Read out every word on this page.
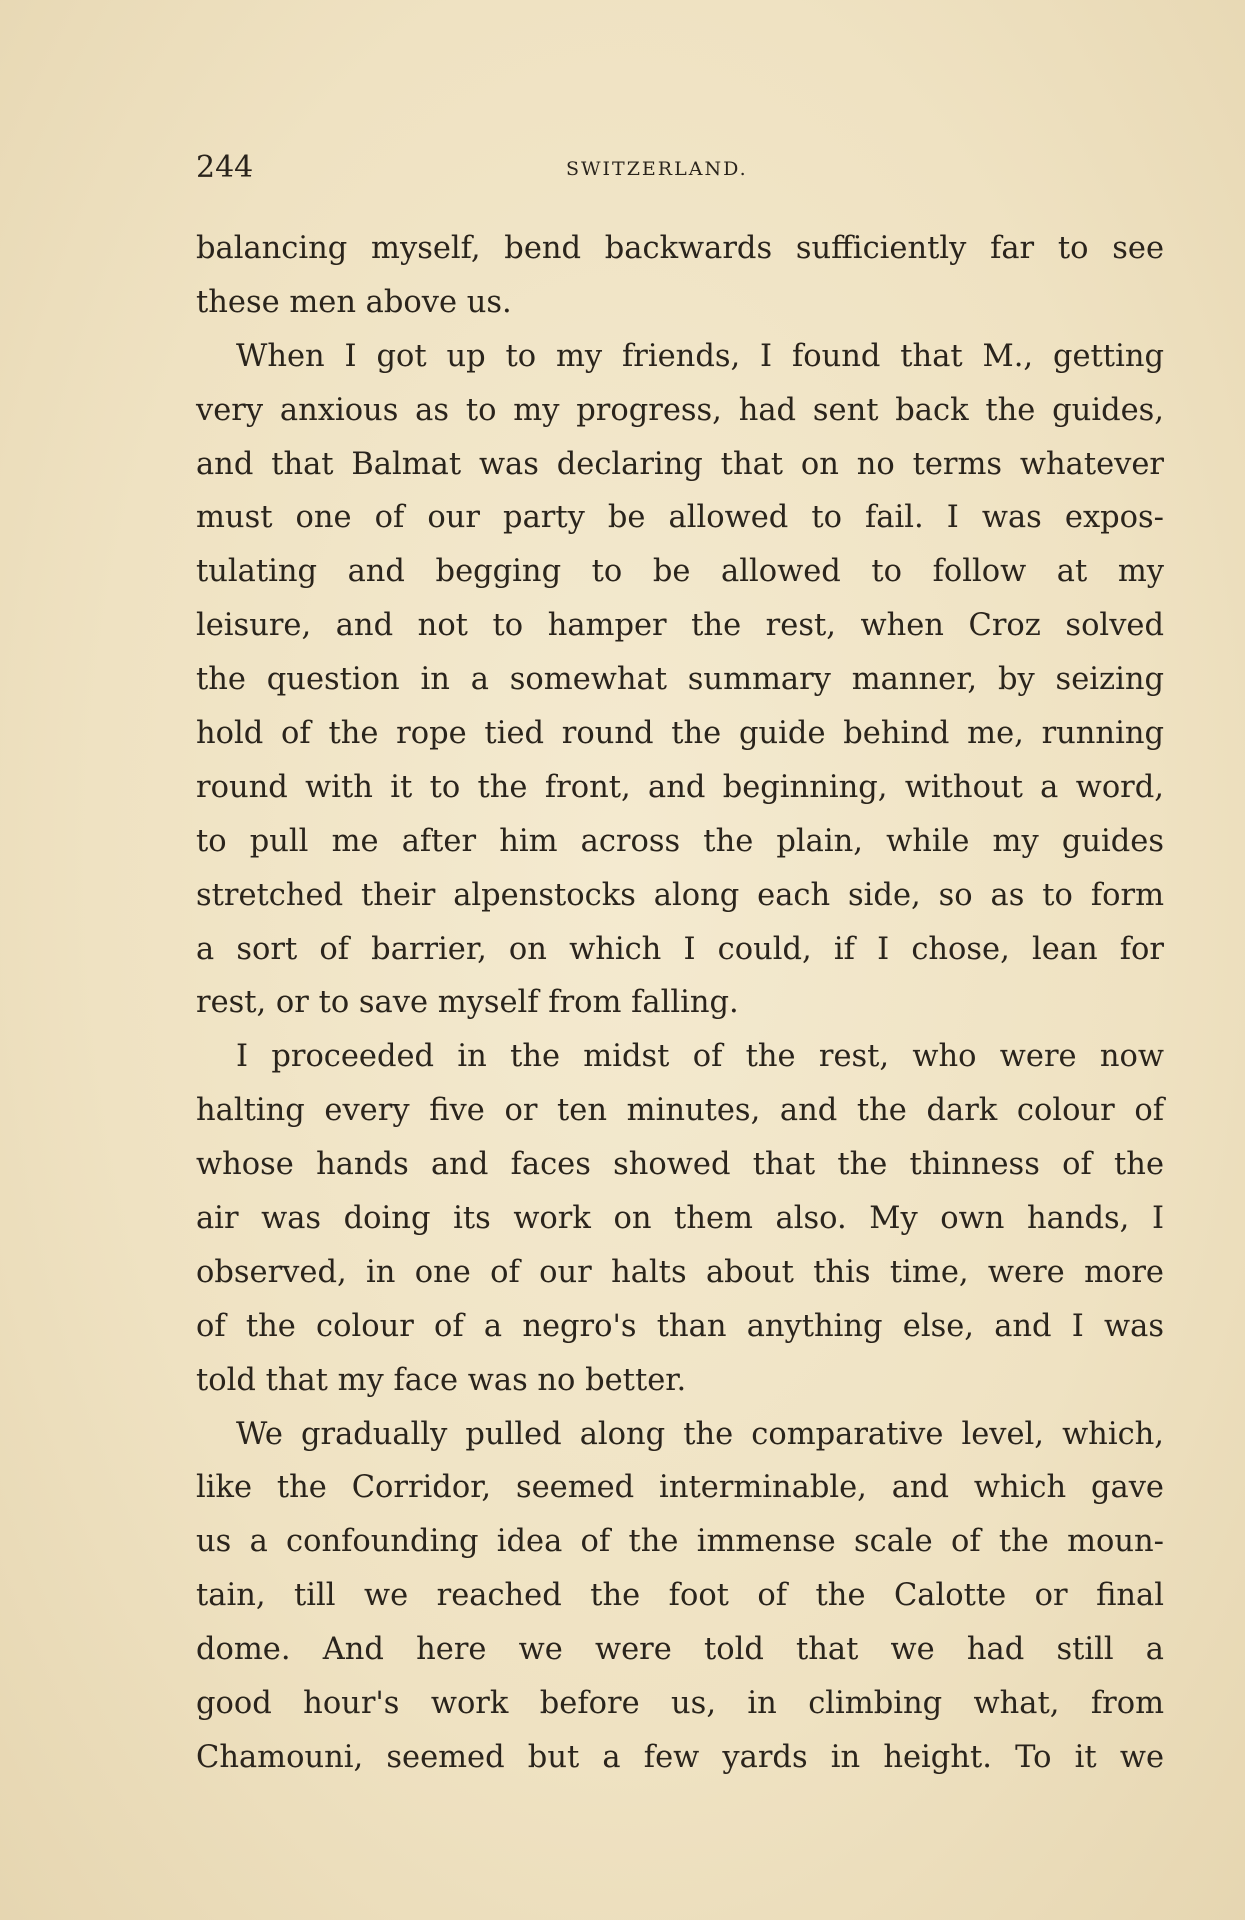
244	SWITZERLAND.
balancing myself, bend backwards sufficiently far to see
these men above us.
When I got up to my friends, I found that M., getting
very anxious as to my progress, had sent back the guides,
and that Balmat was declaring that on no terms whatever
must one of our party be allowed to fail. I was expos-
tulating and begging to be allowed to follow at my
leisure, and not to hamper the rest, when Croz solved
the question in a somewhat summary manner, by seizing
hold of the rope tied round the guide behind me, running
round with it to the front, and beginning, without a word,
to pull me after him across the plain, while my guides
stretched their alpenstocks along each side, so as to form
a sort of barrier, on which I could, if I chose, lean for
rest, or to save myself from falling.
I proceeded in the midst of the rest, who were now
halting every five or ten minutes, and the dark colour of
whose hands and faces showed that the thinness of the
air was doing its work on them also. My own hands, I
observed, in one of our halts about this time, were more
of the colour of a negro's than anything else, and I was
told that my face was no better.
We gradually pulled along the comparative level, which,
like the Corridor, seemed interminable, and which gave
us a confounding idea of the immense scale of the moun-
tain, till we reached the foot of the Calotte or final
dome. And here we were told that we had still a
good hour's work before us, in climbing what, from
Chamouni, seemed but a few yards in height. To it we
